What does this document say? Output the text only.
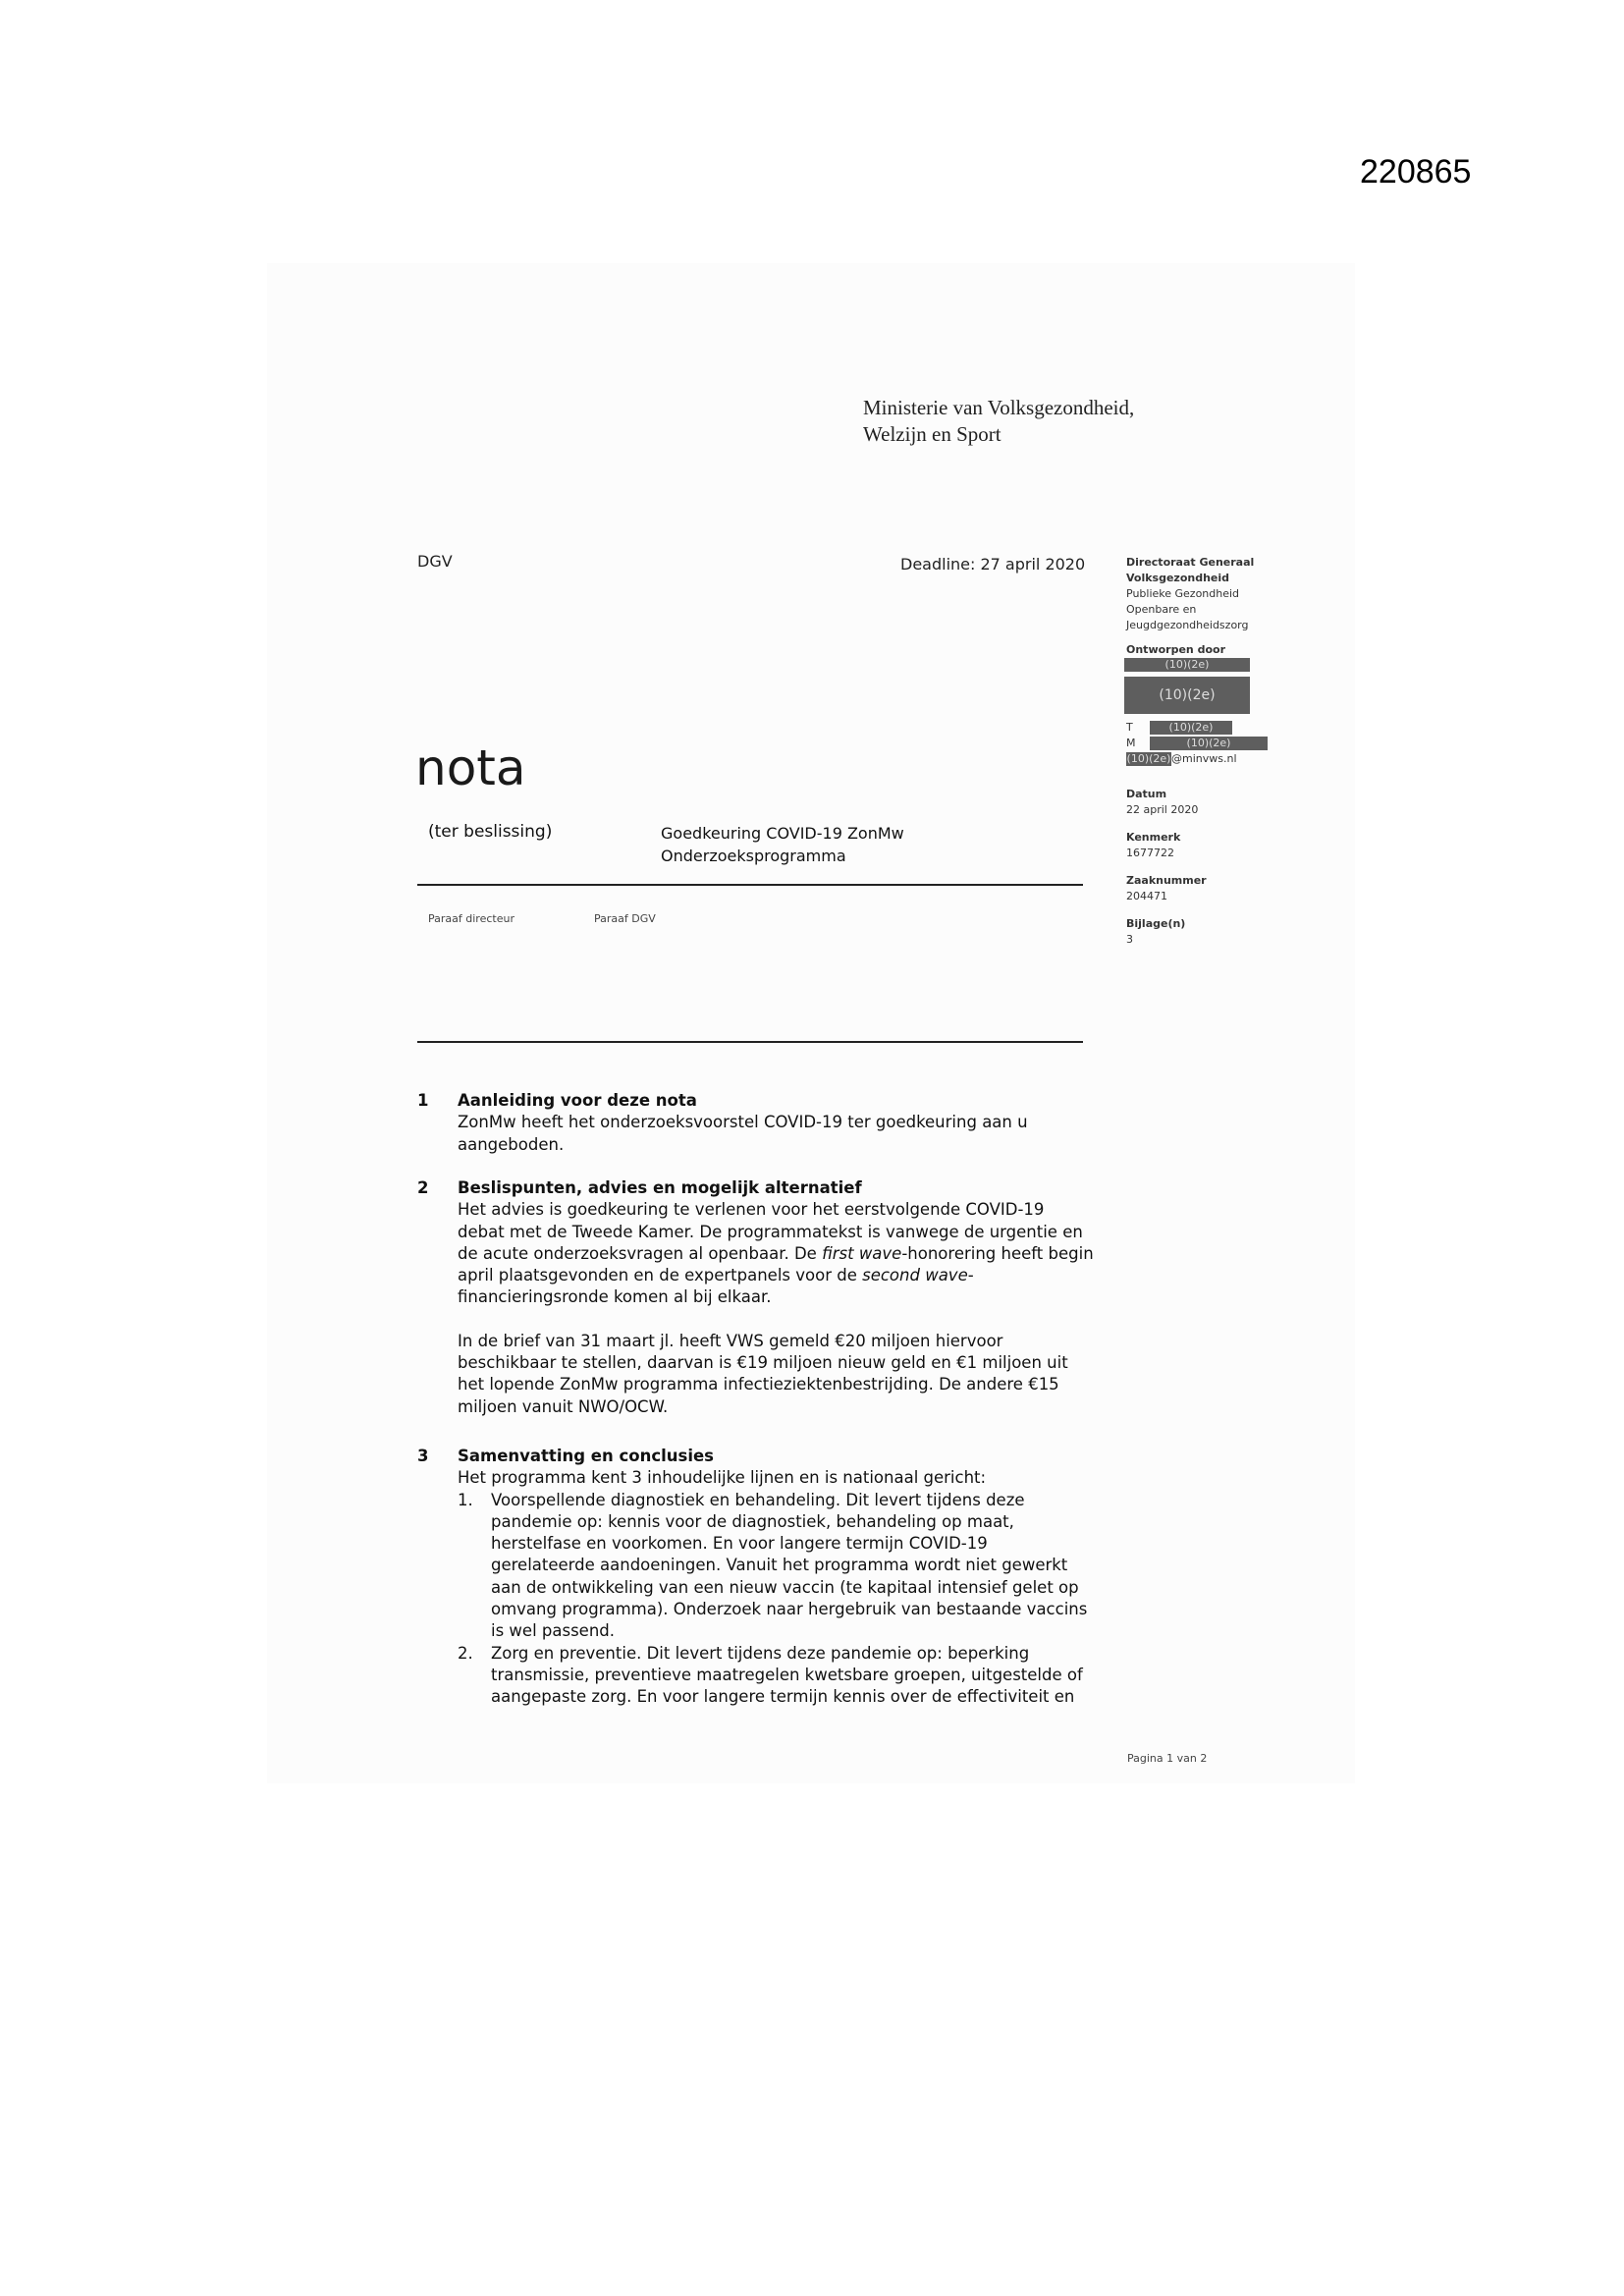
220865
Ministerie van Volksgezondheid,
Welzijn en Sport
DGV	Deadline: 27 april 2020	Directoraat Generaal
Volksgezondheid
Publieke Gezondheid
Openbare en
Jeugdgezondheidszorg
Ontworpen door
(10)(2e)
(10)(2e)
T	(10)(2e)
M	(10)(2e)
(10)(2e) @minvws.nl
Datum
22 april 2020
Kenmerk
1677722
Zaaknummer
204471
Bijlage(n)
3
nota
(ter beslissing)	Goedkeuring COVID-19 ZonMw
Onderzoeksprogramma
Paraaf directeur	Paraaf DGV
1 Aanleiding voor deze nota

ZonMw heeft het onderzoeksvoorstel COVID-19 ter goedkeuring aan u

aangeboden.

2 Beslispunten, advies en mogelijk alternatief

Het advies is goedkeuring te verlenen voor het eerstvolgende COVID-19

debat met de Tweede Kamer. De programmatekst is vanwege de urgentie en

de acute onderzoeksvragen al openbaar. De first wave-honorering heeft begin

april plaatsgevonden en de expertpanels voor de second wave-

financieringsronde komen al bij elkaar.

In de brief van 31 maart jl. heeft VWS gemeld €20 miljoen hiervoor

beschikbaar te stellen, daarvan is €19 miljoen nieuw geld en €1 miljoen uit

het lopende ZonMw programma infectieziektenbestrijding. De andere €15

miljoen vanuit NWO/OCW.

3 Samenvatting en conclusies

Het programma kent 3 inhoudelijke lijnen en is nationaal gericht:

1. Voorspellende diagnostiek en behandeling. Dit levert tijdens deze
pandemie op: kennis voor de diagnostiek, behandeling op maat,
herstelfase en voorkomen. En voor langere termijn COVID-19
gerelateerde aandoeningen. Vanuit het programma wordt niet gewerkt
aan de ontwikkeling van een nieuw vaccin (te kapitaal intensief gelet op
omvang programma). Onderzoek naar hergebruik van bestaande vaccins
is wel passend.
2. Zorg en preventie. Dit levert tijdens deze pandemie op: beperking
transmissie, preventieve maatregelen kwetsbare groepen, uitgestelde of
aangepaste zorg. En voor langere termijn kennis over de effectiviteit en
Pagina 1 van 2
